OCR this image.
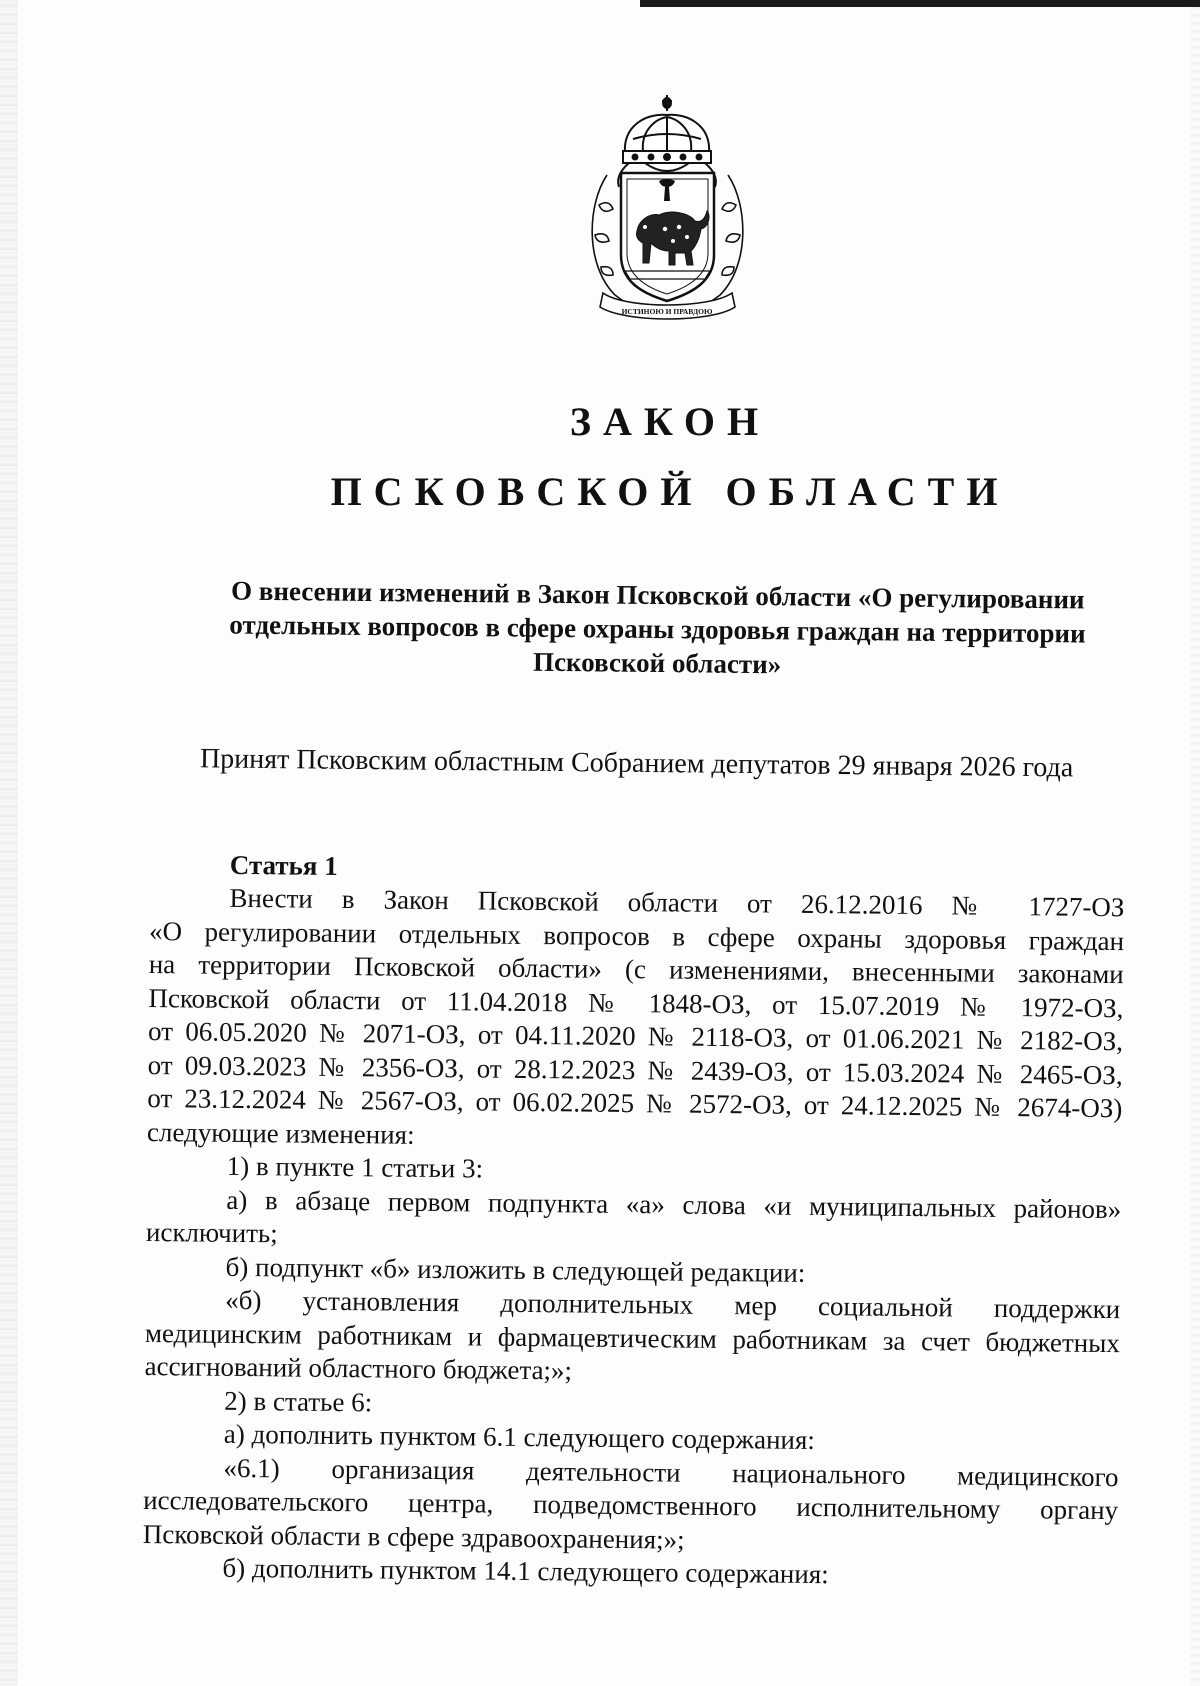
ИСТИНОЮ И ПРАВДОЮ
ЗАКОН
ПСКОВСКОЙ ОБЛАСТИ
О внесении изменений в Закон Псковской области «О регулировании
отдельных вопросов в сфере охраны здоровья граждан на территории
Псковской области»
Принят Псковским областным Собранием депутатов 29 января 2026 года
Статья 1
Внести в Закон Псковской области от 26.12.2016 № 1727-ОЗ
«О регулировании отдельных вопросов в сфере охраны здоровья граждан
на территории Псковской области» (с изменениями, внесенными законами
Псковской области от 11.04.2018 № 1848-ОЗ, от 15.07.2019 № 1972-ОЗ,
от 06.05.2020 № 2071-ОЗ, от 04.11.2020 № 2118-ОЗ, от 01.06.2021 № 2182-ОЗ,
от 09.03.2023 № 2356-ОЗ, от 28.12.2023 № 2439-ОЗ, от 15.03.2024 № 2465-ОЗ,
от 23.12.2024 № 2567-ОЗ, от 06.02.2025 № 2572-ОЗ, от 24.12.2025 № 2674-ОЗ)
следующие изменения:
1) в пункте 1 статьи 3:
а) в абзаце первом подпункта «а» слова «и муниципальных районов»
исключить;
б) подпункт «б» изложить в следующей редакции:
«б) установления дополнительных мер социальной поддержки
медицинским работникам и фармацевтическим работникам за счет бюджетных
ассигнований областного бюджета;»;
2) в статье 6:
а) дополнить пунктом 6.1 следующего содержания:
«6.1) организация деятельности национального медицинского
исследовательского центра, подведомственного исполнительному органу
Псковской области в сфере здравоохранения;»;
б) дополнить пунктом 14.1 следующего содержания:
